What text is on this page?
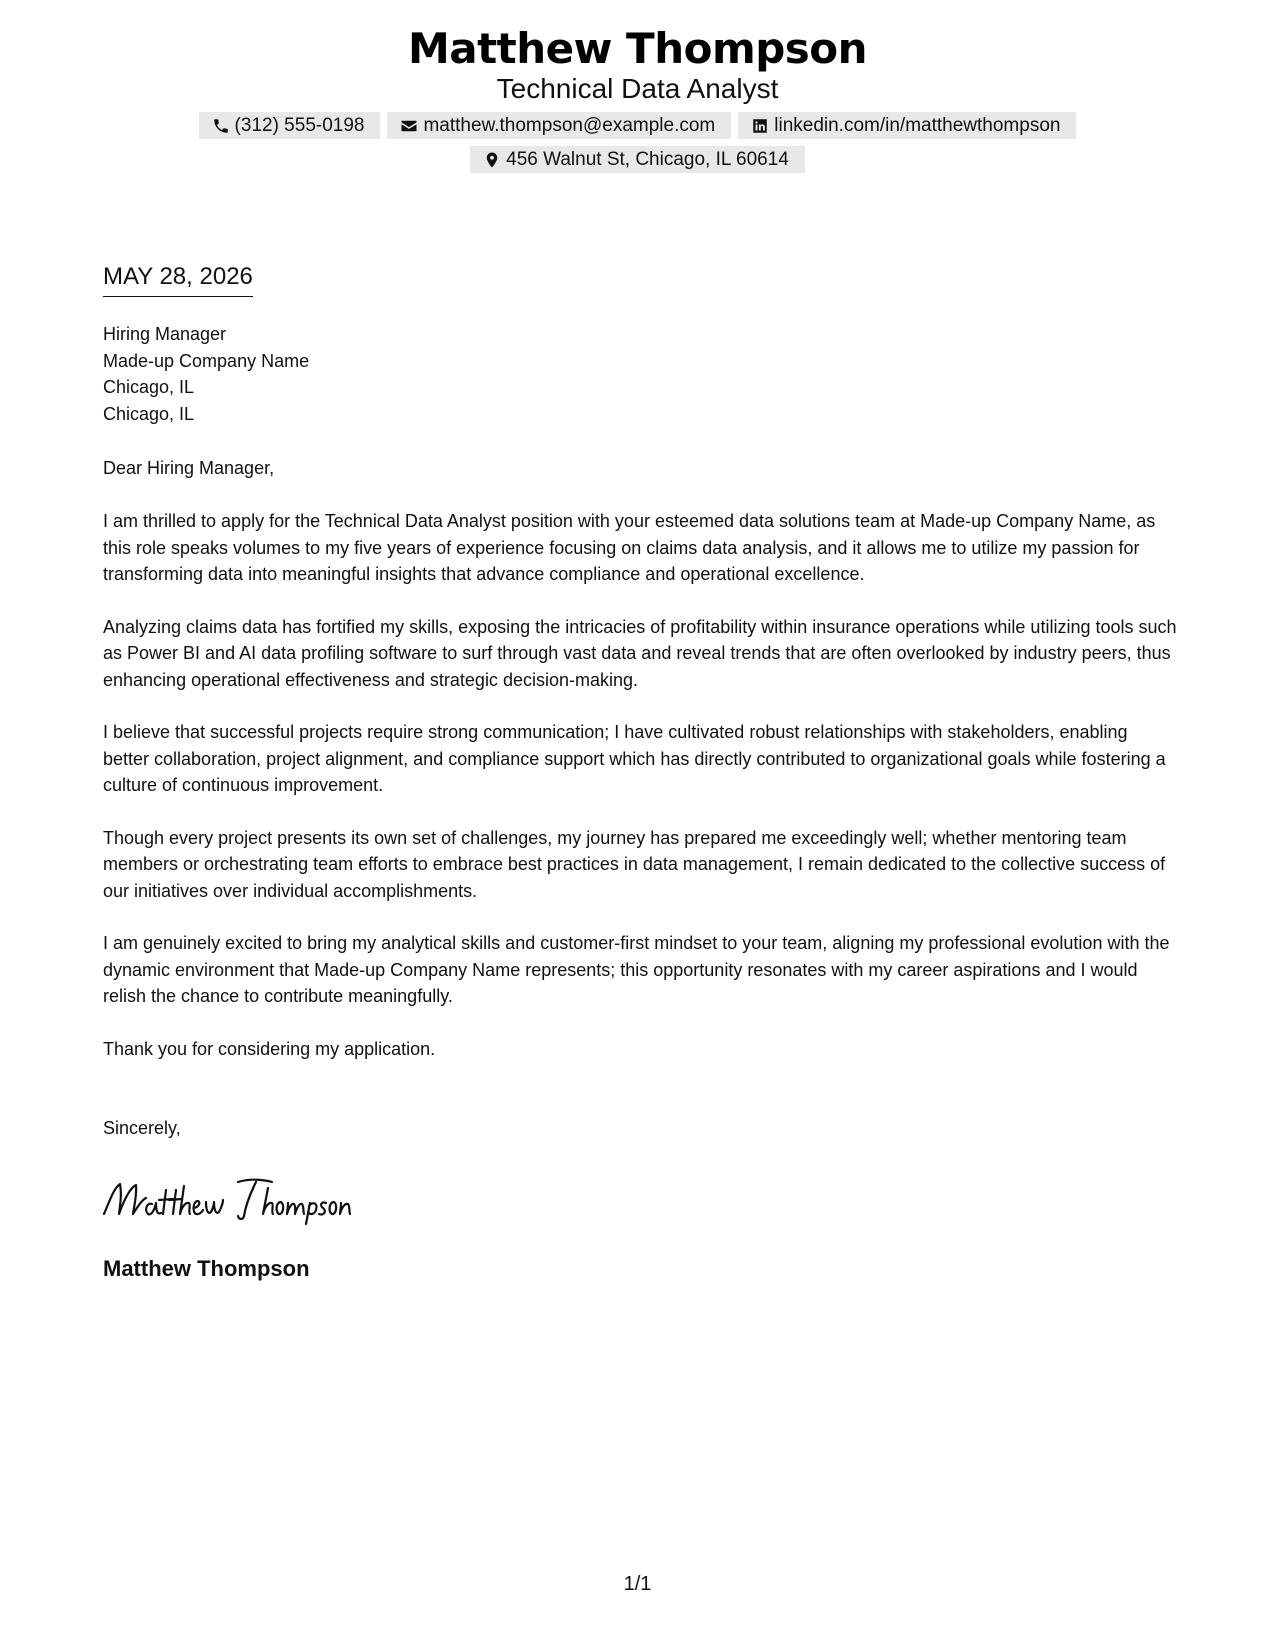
Matthew Thompson
Technical Data Analyst
(312) 555-0198	matthew.thompson@example.com	linkedin.com/in/matthewthompson
456 Walnut St, Chicago, IL 60614
MAY 28, 2026
Hiring Manager
Made-up Company Name
Chicago, IL
Chicago, IL
Dear Hiring Manager,

I am thrilled to apply for the Technical Data Analyst position with your esteemed data solutions team at Made-up Company Name, as this role speaks volumes to my five years of experience focusing on claims data analysis, and it allows me to utilize my passion for transforming data into meaningful insights that advance compliance and operational excellence.

Analyzing claims data has fortified my skills, exposing the intricacies of profitability within insurance operations while utilizing tools such as Power BI and AI data profiling software to surf through vast data and reveal trends that are often overlooked by industry peers, thus enhancing operational effectiveness and strategic decision-making.

I believe that successful projects require strong communication; I have cultivated robust relationships with stakeholders, enabling better collaboration, project alignment, and compliance support which has directly contributed to organizational goals while fostering a culture of continuous improvement.

Though every project presents its own set of challenges, my journey has prepared me exceedingly well; whether mentoring team members or orchestrating team efforts to embrace best practices in data management, I remain dedicated to the collective success of our initiatives over individual accomplishments.

I am genuinely excited to bring my analytical skills and customer-first mindset to your team, aligning my professional evolution with the dynamic environment that Made-up Company Name represents; this opportunity resonates with my career aspirations and I would relish the chance to contribute meaningfully.

Thank you for considering my application.

Sincerely,
Matthew Thompson
1/1
